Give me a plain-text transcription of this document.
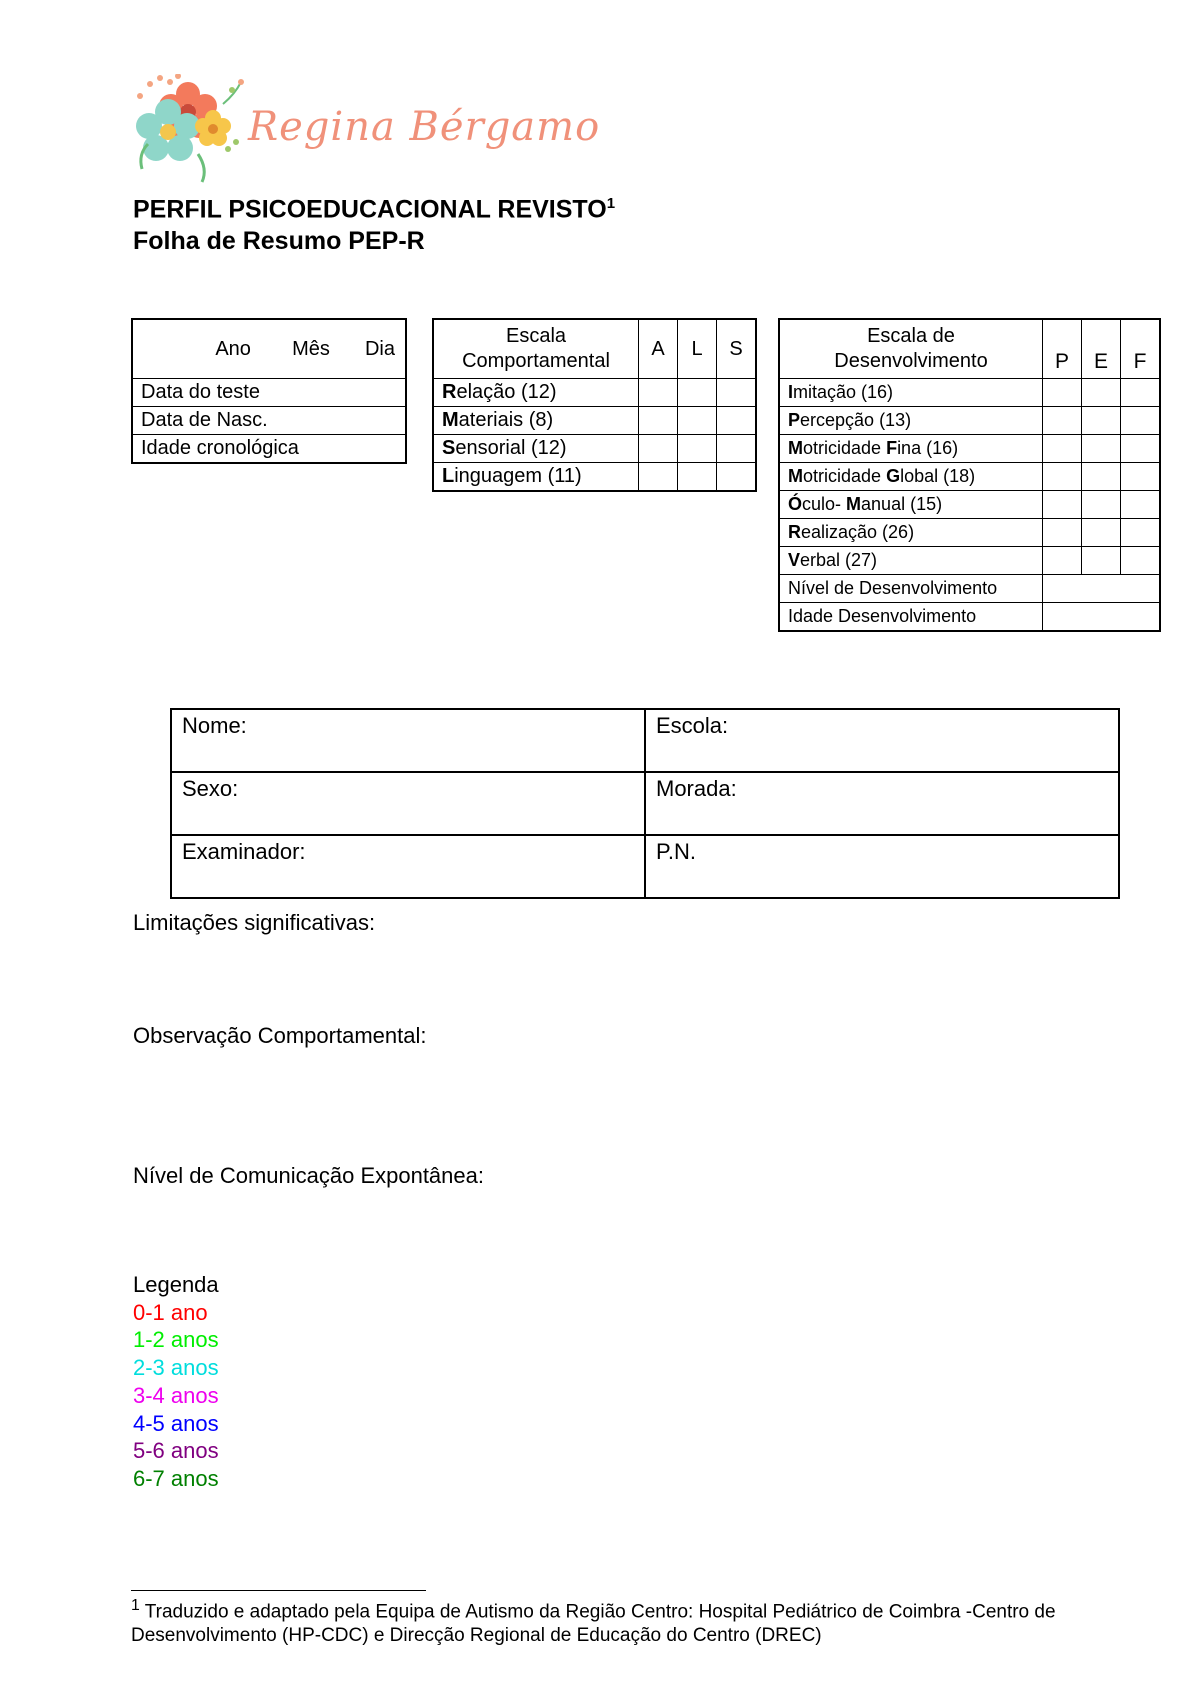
Regina Bérgamo
PERFIL PSICOEDUCACIONAL REVISTO$^1$
Folha de Resumo PEP-R
Ano Mês Dia
Data do teste
Data de Nasc.
Idade cronológica
Escala
Comportamental	A	L	S
Relação (12)			
Materiais (8)			
Sensorial (12)			
Linguagem (11)			
Escala de
Desenvolvimento	P	E	F
Imitação (16)			
Percepção (13)			
Motricidade Fina (16)			
Motricidade Global (18)			
Óculo- Manual (15)			
Realização (26)			
Verbal (27)			
Nível de Desenvolvimento			
Idade Desenvolvimento			
Nome:	Escola:
Sexo:	Morada:
Examinador:	P.N.
Limitações significativas:
Observação Comportamental:
Nível de Comunicação Expontânea:
Legenda
0-1 ano
1-2 anos
2-3 anos
3-4 anos
4-5 anos
5-6 anos
6-7 anos
$^1$ Traduzido e adaptado pela Equipa de Autismo da Região Centro: Hospital Pediátrico de Coimbra -Centro de Desenvolvimento (HP-CDC) e Direcção Regional de Educação do Centro (DREC)
